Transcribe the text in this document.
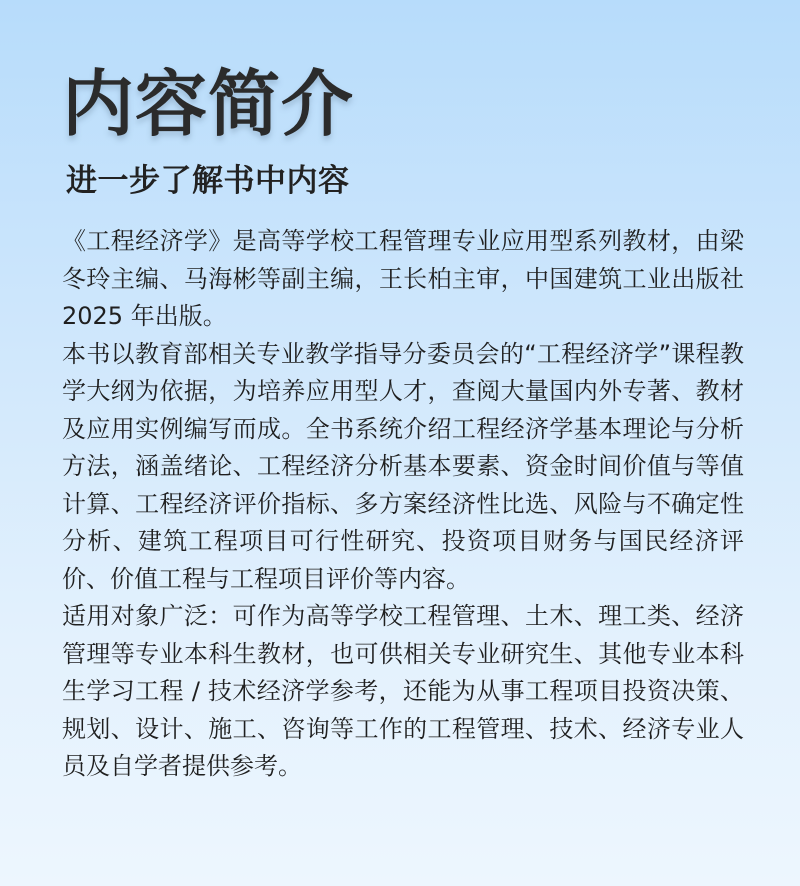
内容简介
进一步了解书中内容

《工程经济学》是高等学校工程管理专业应用型系列教材，由梁冬玲主编、马海彬等副主编，王长柏主审，中国建筑工业出版社 2025 年出版。

本书以教育部相关专业教学指导分委员会的“工程经济学”课程教学大纲为依据，为培养应用型人才，查阅大量国内外专著、教材及应用实例编写而成。全书系统介绍工程经济学基本理论与分析方法，涵盖绪论、工程经济分析基本要素、资金时间价值与等值计算、工程经济评价指标、多方案经济性比选、风险与不确定性分析、建筑工程项目可行性研究、投资项目财务与国民经济评价、价值工程与工程项目评价等内容。

适用对象广泛：可作为高等学校工程管理、土木、理工类、经济管理等专业本科生教材，也可供相关专业研究生、其他专业本科生学习工程 / 技术经济学参考，还能为从事工程项目投资决策、规划、设计、施工、咨询等工作的工程管理、技术、经济专业人员及自学者提供参考。
